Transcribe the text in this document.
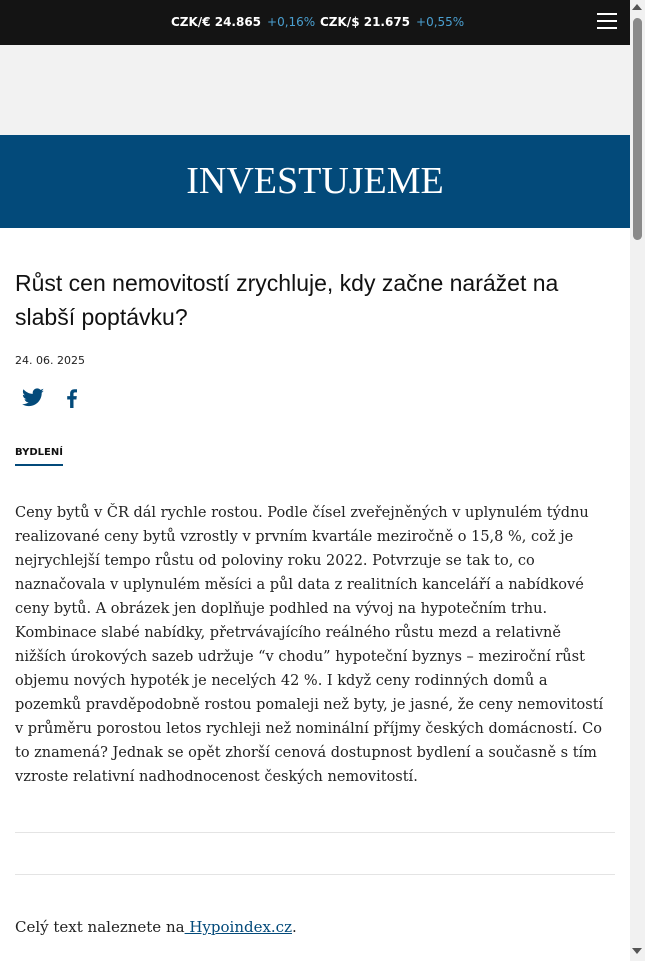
CZK/€ 24.865 +0,16% CZK/$ 21.675 +0,55%
INVESTUJEME
Růst cen nemovitostí zrychluje, kdy začne narážet na slabší poptávku?
24. 06. 2025
BYDLENÍ

Ceny bytů v ČR dál rychle rostou. Podle čísel zveřejněných v uplynulém týdnu realizované ceny bytů vzrostly v prvním kvartále meziročně o 15,8 %, což je nejrychlejší tempo růstu od poloviny roku 2022. Potvrzuje se tak to, co naznačovala v uplynulém měsíci a půl data z realitních kanceláří a nabídkové ceny bytů. A obrázek jen doplňuje podhled na vývoj na hypotečním trhu. Kombinace slabé nabídky, přetrvávajícího reálného růstu mezd a relativně nižších úrokových sazeb udržuje “v chodu” hypoteční byznys – meziroční růst objemu nových hypoték je necelých 42 %. I když ceny rodinných domů a pozemků pravděpodobně rostou pomaleji než byty, je jasné, že ceny nemovitostí v průměru porostou letos rychleji než nominální příjmy českých domácností. Co to znamená? Jednak se opět zhorší cenová dostupnost bydlení a současně s tím vzroste relativní nadhodnocenost českých nemovitostí.

Celý text naleznete na Hypoindex.cz.
